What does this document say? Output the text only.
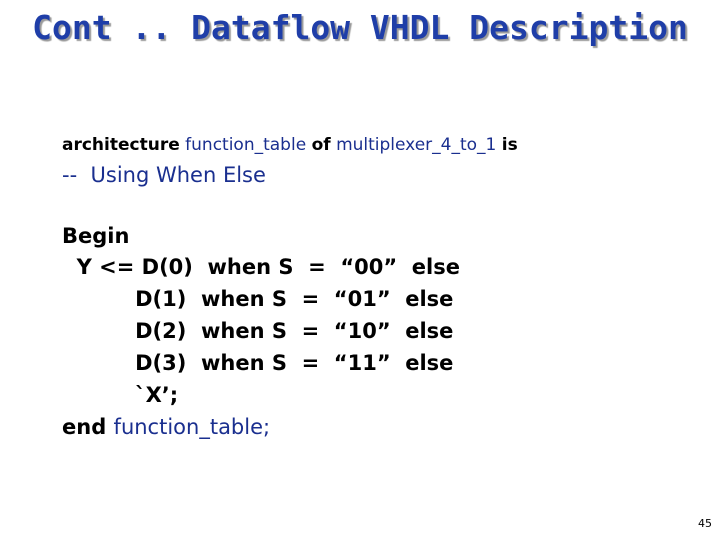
Cont .. Dataflow VHDL Description
architecture function_table of multiplexer_4_to_1 is
--  Using When Else
Begin
Y <= D(0)  when S  =  “00”  else
D(1)  when S  =  “01”  else
D(2)  when S  =  “10”  else
D(3)  when S  =  “11”  else
`X’;
end function_table;
45
